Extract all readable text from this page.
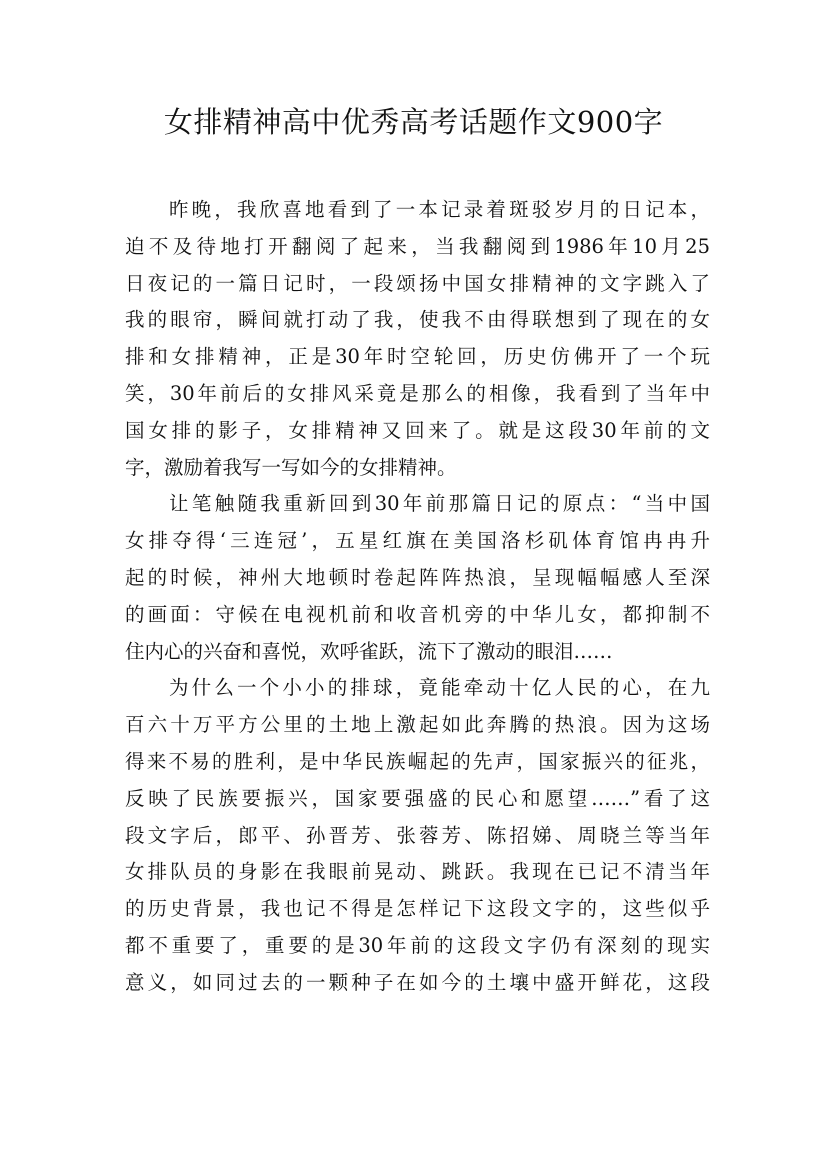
女排精神高中优秀高考话题作文900字
昨晚，我欣喜地看到了一本记录着斑驳岁月的日记本，
迫不及待地打开翻阅了起来，当我翻阅到1986年10月25
日夜记的一篇日记时，一段颂扬中国女排精神的文字跳入了
我的眼帘，瞬间就打动了我，使我不由得联想到了现在的女
排和女排精神，正是30年时空轮回，历史仿佛开了一个玩
笑，30年前后的女排风采竟是那么的相像，我看到了当年中
国女排的影子，女排精神又回来了。就是这段30年前的文
字，激励着我写一写如今的女排精神。
让笔触随我重新回到30年前那篇日记的原点：“当中国
女排夺得‘三连冠’，五星红旗在美国洛杉矶体育馆冉冉升
起的时候，神州大地顿时卷起阵阵热浪，呈现幅幅感人至深
的画面：守候在电视机前和收音机旁的中华儿女，都抑制不
住内心的兴奋和喜悦，欢呼雀跃，流下了激动的眼泪……
为什么一个小小的排球，竟能牵动十亿人民的心，在九
百六十万平方公里的土地上激起如此奔腾的热浪。因为这场
得来不易的胜利，是中华民族崛起的先声，国家振兴的征兆，
反映了民族要振兴，国家要强盛的民心和愿望……”看了这
段文字后，郎平、孙晋芳、张蓉芳、陈招娣、周晓兰等当年
女排队员的身影在我眼前晃动、跳跃。我现在已记不清当年
的历史背景，我也记不得是怎样记下这段文字的，这些似乎
都不重要了，重要的是30年前的这段文字仍有深刻的现实
意义，如同过去的一颗种子在如今的土壤中盛开鲜花，这段
